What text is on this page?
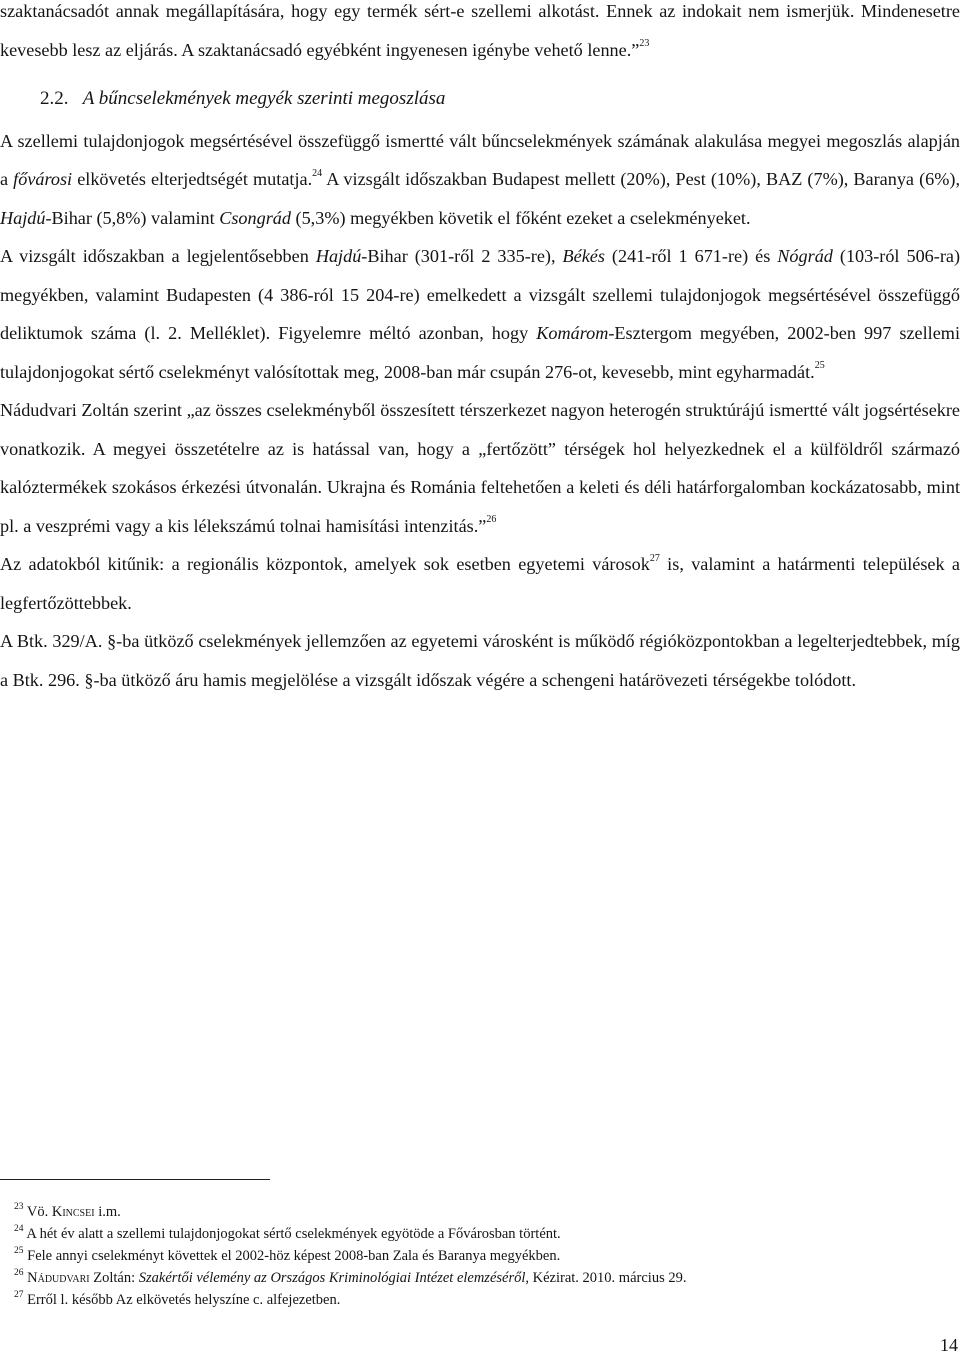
szaktanácsadót annak megállapítására, hogy egy termék sért-e szellemi alkotást. Ennek az indokait nem ismerjük. Mindenesetre kevesebb lesz az eljárás. A szaktanácsadó egyébként ingyenesen igénybe vehető lenne.”$^{23}$

2.2. A bűncselekmények megyék szerinti megoszlása

A szellemi tulajdonjogok megsértésével összefüggő ismertté vált bűncselekmények számának alakulása megyei megoszlás alapján a fővárosi elkövetés elterjedtségét mutatja.$^{24}$ A vizsgált időszakban Budapest mellett (20%), Pest (10%), BAZ (7%), Baranya (6%), Hajdú-Bihar (5,8%) valamint Csongrád (5,3%) megyékben követik el főként ezeket a cselekményeket.

A vizsgált időszakban a legjelentősebben Hajdú-Bihar (301-ről 2 335-re), Békés (241-ről 1 671-re) és Nógrád (103-ról 506-ra) megyékben, valamint Budapesten (4 386-ról 15 204-re) emelkedett a vizsgált szellemi tulajdonjogok megsértésével összefüggő deliktumok száma (l. 2. Melléklet). Figyelemre méltó azonban, hogy Komárom-Esztergom megyében, 2002-ben 997 szellemi tulajdonjogokat sértő cselekményt valósítottak meg, 2008-ban már csupán 276-ot, kevesebb, mint egyharmadát.$^{25}$

Nádudvari Zoltán szerint „az összes cselekményből összesített térszerkezet nagyon heterogén struktúrájú ismertté vált jogsértésekre vonatkozik. A megyei összetételre az is hatással van, hogy a „fertőzött” térségek hol helyezkednek el a külföldről származó kalóztermékek szokásos érkezési útvonalán. Ukrajna és Románia feltehetően a keleti és déli határforgalomban kockázatosabb, mint pl. a veszprémi vagy a kis lélekszámú tolnai hamisítási intenzitás.”$^{26}$

Az adatokból kitűnik: a regionális központok, amelyek sok esetben egyetemi városok$^{27}$ is, valamint a határmenti települések a legfertőzöttebbek.

A Btk. 329/A. §-ba ütköző cselekmények jellemzően az egyetemi városként is működő régióközpontokban a legelterjedtebbek, míg a Btk. 296. §-ba ütköző áru hamis megjelölése a vizsgált időszak végére a schengeni határövezeti térségekbe tolódott.

$^{23}$ Vö. Kincsei i.m.

$^{24}$ A hét év alatt a szellemi tulajdonjogokat sértő cselekmények egyötöde a Fővárosban történt.

$^{25}$ Fele annyi cselekményt követtek el 2002-höz képest 2008-ban Zala és Baranya megyékben.

$^{26}$ Nádudvari Zoltán: Szakértői vélemény az Országos Kriminológiai Intézet elemzéséről, Kézirat. 2010. március 29.

$^{27}$ Erről l. később Az elkövetés helyszíne c. alfejezetben.

14
